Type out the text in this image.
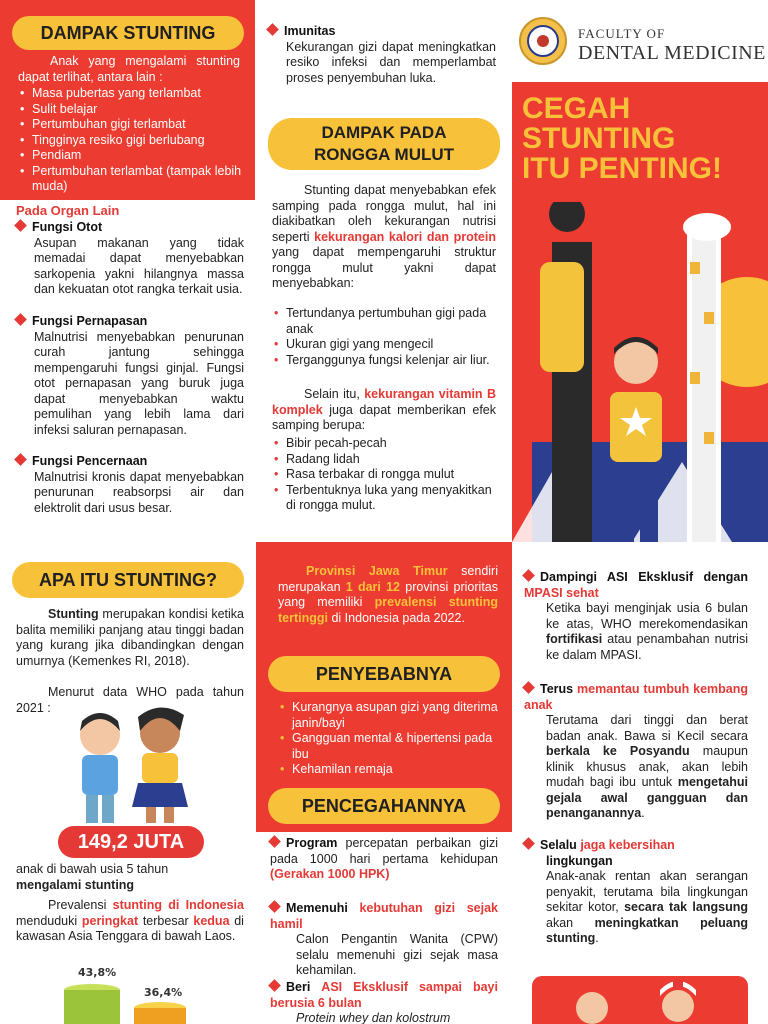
DAMPAK STUNTING
Anak yang mengalami stunting dapat terlihat, antara lain :
• Masa pubertas yang terlambat
• Sulit belajar
• Pertumbuhan gigi terlambat
• Tingginya resiko gigi berlubang
• Pendiam
• Pertumbuhan terlambat (tampak lebih muda)
Pada Organ Lain
Fungsi Otot
Asupan makanan yang tidak memadai dapat menyebabkan sarkopenia yakni hilangnya massa dan kekuatan otot rangka terkait usia.
Fungsi Pernapasan
Malnutrisi menyebabkan penurunan curah jantung sehingga mempengaruhi fungsi ginjal. Fungsi otot pernapasan yang buruk juga dapat menyebabkan waktu pemulihan yang lebih lama dari infeksi saluran pernapasan.
Fungsi Pencernaan
Malnutrisi kronis dapat menyebabkan penurunan reabsorpsi air dan elektrolit dari usus besar.
Imunitas
Kekurangan gizi dapat meningkatkan resiko infeksi dan memperlambat proses penyembuhan luka.
DAMPAK PADA
RONGGA MULUT
Stunting dapat menyebabkan efek samping pada rongga mulut, hal ini diakibatkan oleh kekurangan nutrisi seperti kekurangan kalori dan protein yang dapat mempengaruhi struktur rongga mulut yakni dapat menyebabkan:
• Tertundanya pertumbuhan gigi pada anak
• Ukuran gigi yang mengecil
• Terganggunya fungsi kelenjar air liur.
Selain itu, kekurangan vitamin B komplek juga dapat memberikan efek samping berupa:
• Bibir pecah-pecah
• Radang lidah
• Rasa terbakar di rongga mulut
• Terbentuknya luka yang menyakitkan di rongga mulut.
FACULTY OF
DENTAL MEDICINE
CEGAH
STUNTING
ITU PENTING!
APA ITU STUNTING?
Stunting merupakan kondisi ketika balita memiliki panjang atau tinggi badan yang kurang jika dibandingkan dengan umurnya (Kemenkes RI, 2018).
Menurut data WHO pada tahun 2021 :
149,2 JUTA
anak di bawah usia 5 tahun
mengalami stunting
Prevalensi stunting di Indonesia menduduki peringkat terbesar kedua di kawasan Asia Tenggara di bawah Laos.
43,8%
36,4%
Provinsi Jawa Timur sendiri merupakan 1 dari 12 provinsi prioritas yang memiliki prevalensi stunting tertinggi di Indonesia pada 2022.
PENYEBABNYA
• Kurangnya asupan gizi yang diterima janin/bayi
• Gangguan mental & hipertensi pada ibu
• Kehamilan remaja
PENCEGAHANNYA
Program percepatan perbaikan gizi pada 1000 hari pertama kehidupan (Gerakan 1000 HPK)
Memenuhi kebutuhan gizi sejak hamil
Calon Pengantin Wanita (CPW) selalu memenuhi gizi sejak masa kehamilan.
Beri ASI Eksklusif sampai bayi berusia 6 bulan
Protein whey dan kolostrum
Dampingi ASI Eksklusif dengan MPASI sehat
Ketika bayi menginjak usia 6 bulan ke atas, WHO merekomendasikan fortifikasi atau penambahan nutrisi ke dalam MPASI.
Terus memantau tumbuh kembang anak
Terutama dari tinggi dan berat badan anak. Bawa si Kecil secara berkala ke Posyandu maupun klinik khusus anak, akan lebih mudah bagi ibu untuk mengetahui gejala awal gangguan dan penanganannya.
Selalu jaga kebersihan
lingkungan
Anak-anak rentan akan serangan penyakit, terutama bila lingkungan sekitar kotor, secara tak langsung akan meningkatkan peluang stunting.
